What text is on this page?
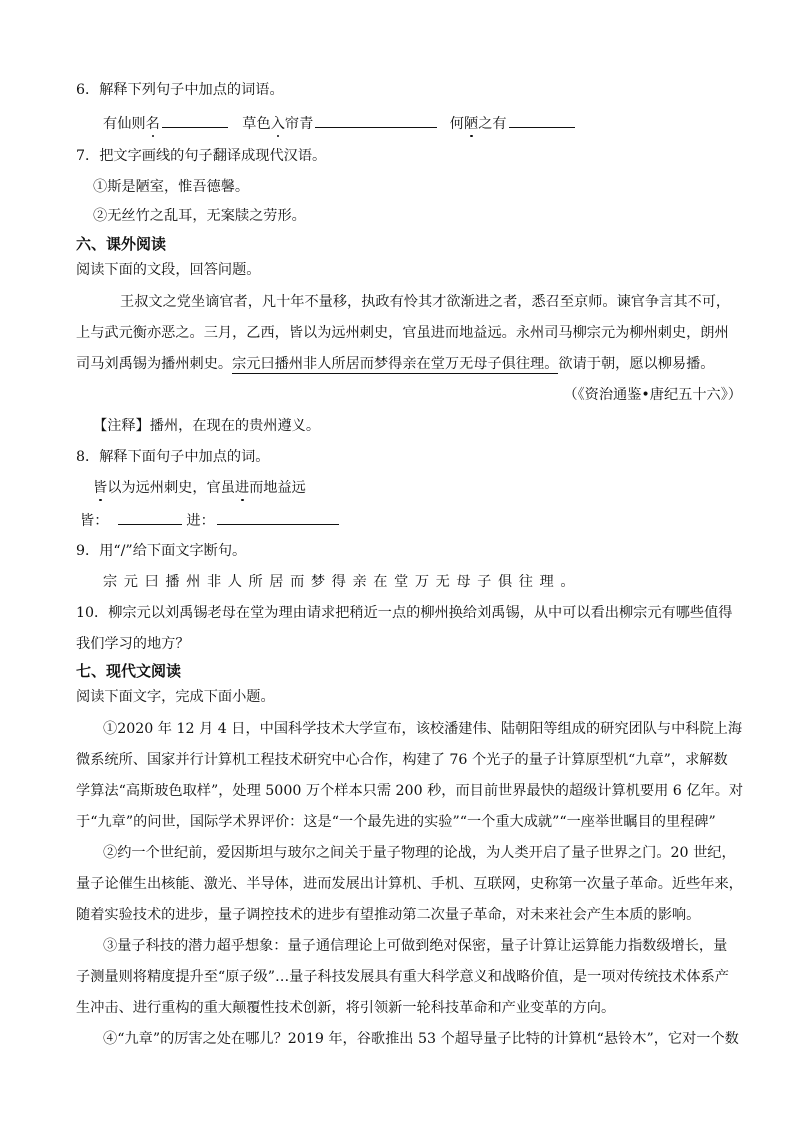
6．解释下列句子中加点的词语。
有仙则名	草色入帘青	何陋之有
7．把文字画线的句子翻译成现代汉语。
①斯是陋室，惟吾德馨。
②无丝竹之乱耳，无案牍之劳形。
六、课外阅读
阅读下面的文段，回答问题。
王叔文之党坐谪官者，凡十年不量移，执政有怜其才欲渐进之者，悉召至京师。谏官争言其不可，
上与武元衡亦恶之。三月，乙西，皆以为远州刺史，官虽进而地益远。永州司马柳宗元为柳州刺史，朗州
司马刘禹锡为播州刺史。宗元曰播州非人所居而梦得亲在堂万无母子俱往理。欲请于朝，愿以柳易播。
（《资治通鉴•唐纪五十六》）
【注释】播州，在现在的贵州遵义。
8．解释下面句子中加点的词。
皆以为远州刺史，官虽进而地益远
皆：	进：
9．用“/”给下面文字断句。
宗元曰播州非人所居而梦得亲在堂万无母子俱往理。
10．柳宗元以刘禹锡老母在堂为理由请求把稍近一点的柳州换给刘禹锡，从中可以看出柳宗元有哪些值得
我们学习的地方？
七、现代文阅读
阅读下面文字，完成下面小题。
①2020 年 12 月 4 日，中国科学技术大学宣布，该校潘建伟、陆朝阳等组成的研究团队与中科院上海
微系统所、国家并行计算机工程技术研究中心合作，构建了 76 个光子的量子计算原型机“九章”，求解数
学算法“高斯玻色取样”，处理 5000 万个样本只需 200 秒，而目前世界最快的超级计算机要用 6 亿年。对
于“九章”的问世，国际学术界评价：这是“一个最先进的实验”“一个重大成就”“一座举世瞩目的里程碑”
②约一个世纪前，爱因斯坦与玻尔之间关于量子物理的论战，为人类开启了量子世界之门。20 世纪，
量子论催生出核能、激光、半导体，进而发展出计算机、手机、互联网，史称第一次量子革命。近些年来，
随着实验技术的进步，量子调控技术的进步有望推动第二次量子革命，对未来社会产生本质的影响。
③量子科技的潜力超乎想象：量子通信理论上可做到绝对保密，量子计算让运算能力指数级增长，量
子测量则将精度提升至“原子级”…量子科技发展具有重大科学意义和战略价值，是一项对传统技术体系产
生冲击、进行重构的重大颠覆性技术创新，将引领新一轮科技革命和产业变革的方向。
④“九章”的厉害之处在哪儿？2019 年，谷歌推出 53 个超导量子比特的计算机“悬铃木”，它对一个数
